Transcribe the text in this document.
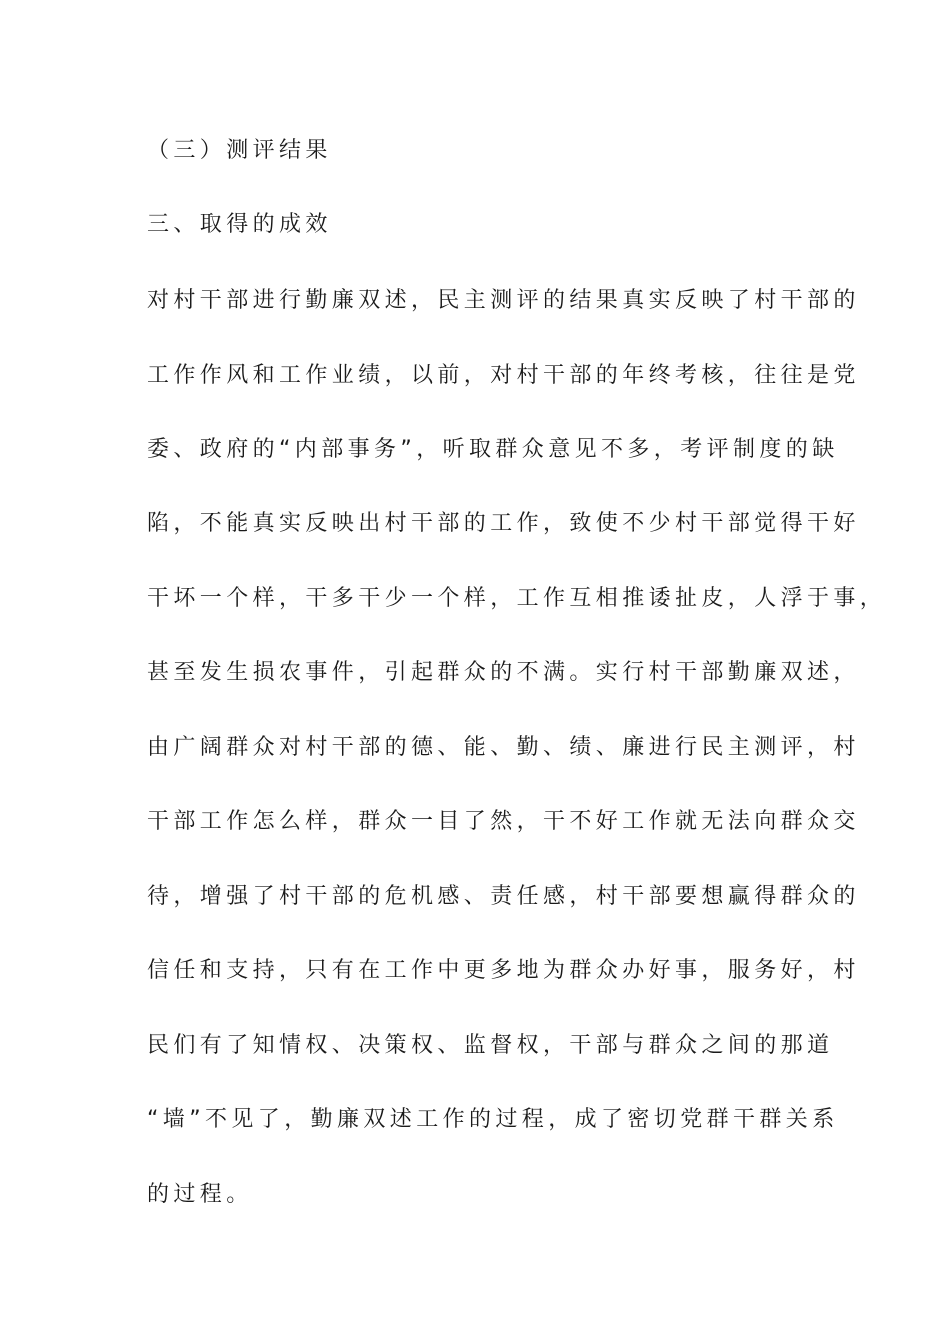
（三）测评结果
三、取得的成效
对村干部进行勤廉双述，民主测评的结果真实反映了村干部的
工作作风和工作业绩，以前，对村干部的年终考核，往往是党
委、政府的“内部事务”，听取群众意见不多，考评制度的缺
陷，不能真实反映出村干部的工作，致使不少村干部觉得干好
干坏一个样，干多干少一个样，工作互相推诿扯皮，人浮于事，
甚至发生损农事件，引起群众的不满。实行村干部勤廉双述，
由广阔群众对村干部的德、能、勤、绩、廉进行民主测评，村
干部工作怎么样，群众一目了然，干不好工作就无法向群众交
待，增强了村干部的危机感、责任感，村干部要想赢得群众的
信任和支持，只有在工作中更多地为群众办好事，服务好，村
民们有了知情权、决策权、监督权，干部与群众之间的那道
“墙”不见了，勤廉双述工作的过程，成了密切党群干群关系
的过程。
